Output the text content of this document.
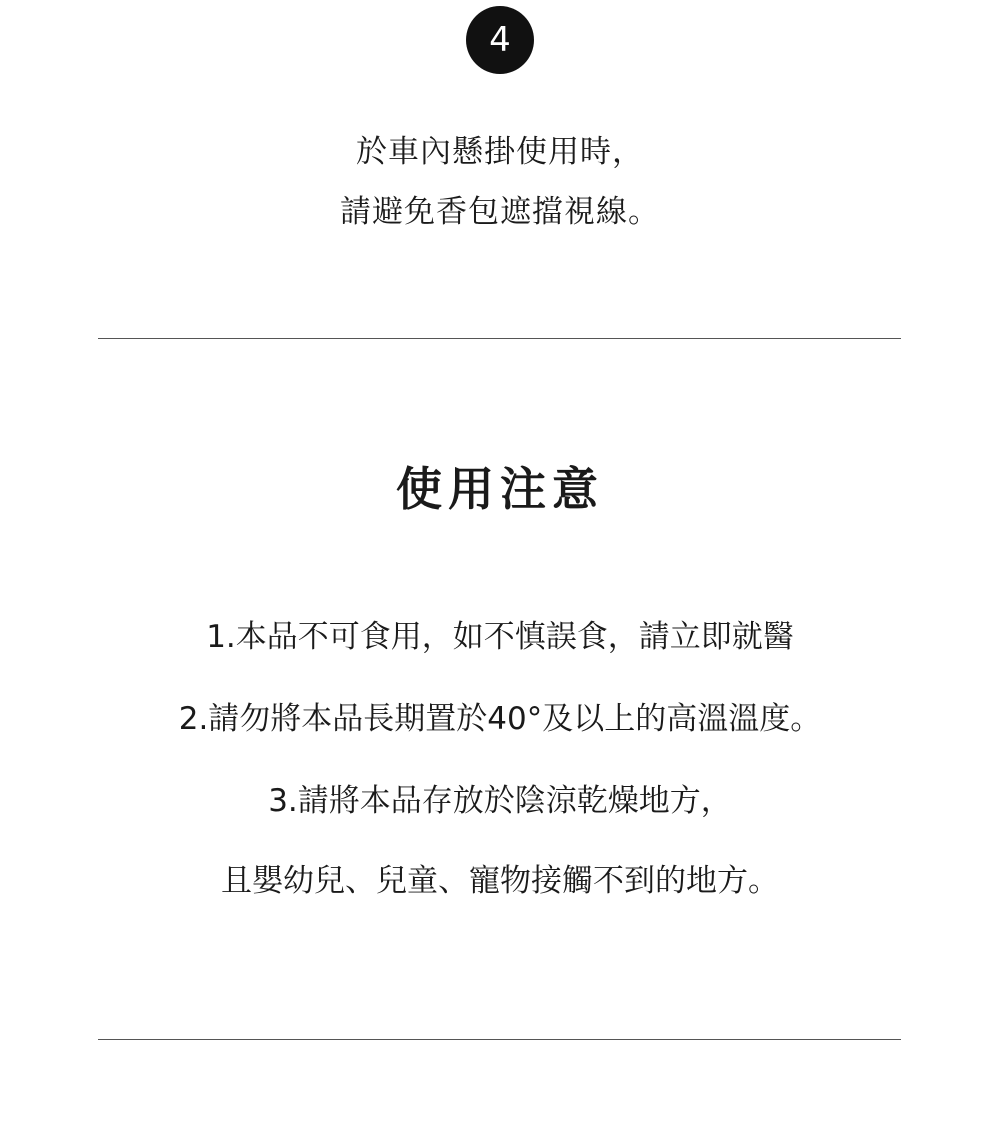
4
於車內懸掛使用時，
請避免香包遮擋視線。
使用注意
1.本品不可食用，如不慎誤食，請立即就醫
2.請勿將本品長期置於40°及以上的高溫溫度。
3.請將本品存放於陰涼乾燥地方，
且嬰幼兒、兒童、寵物接觸不到的地方。
